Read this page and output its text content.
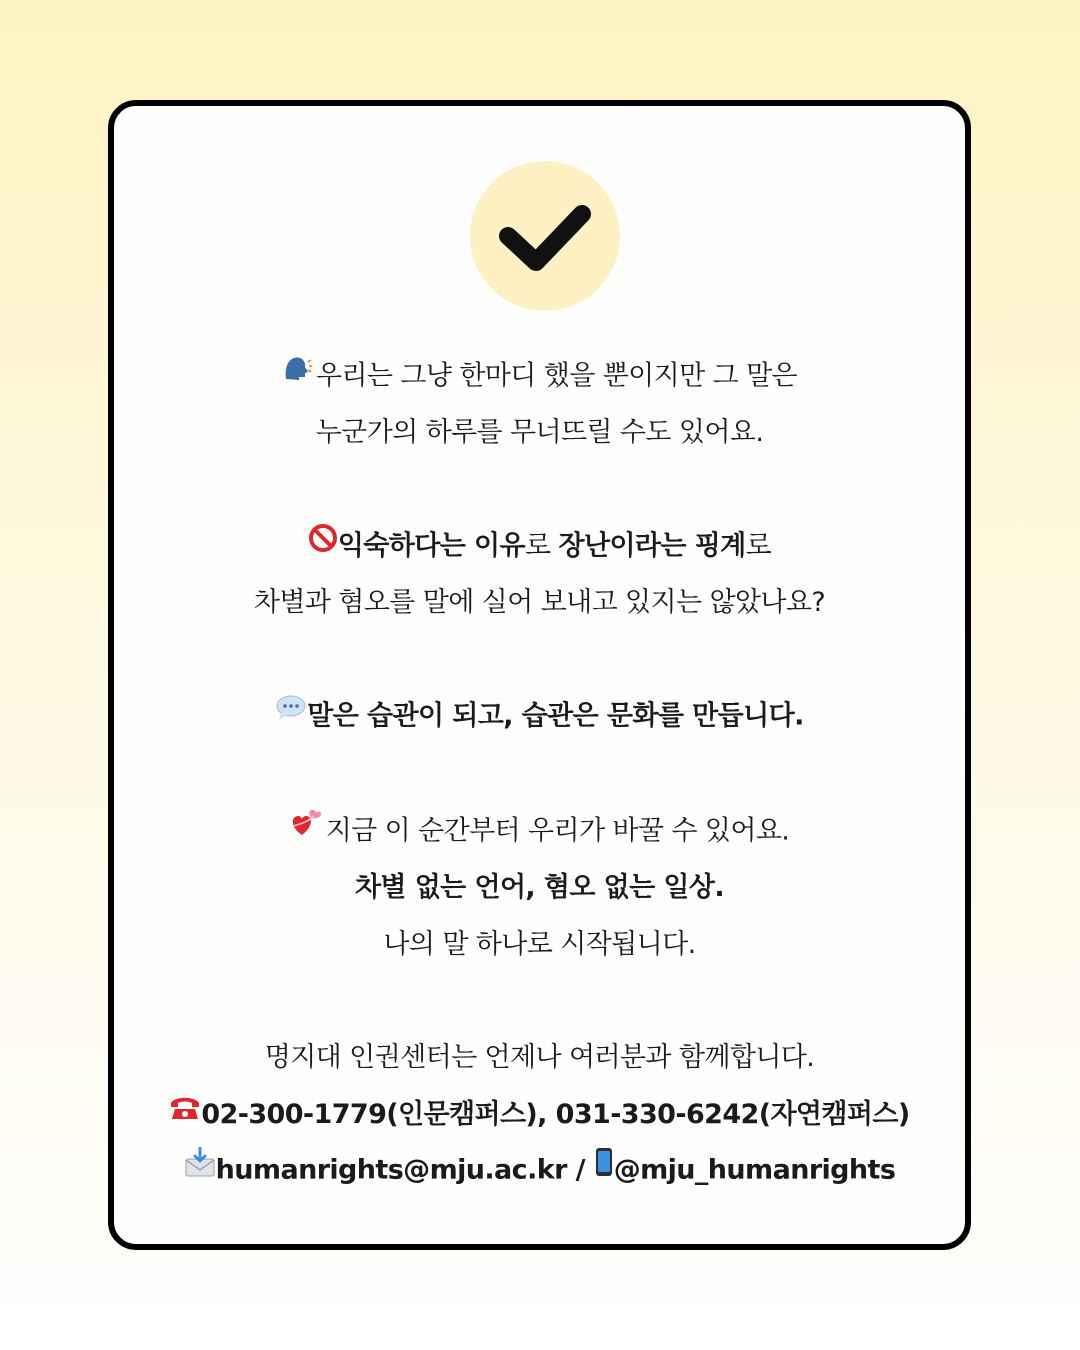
우리는 그냥 한마디 했을 뿐이지만 그 말은
누군가의 하루를 무너뜨릴 수도 있어요.
익숙하다는 이유로 장난이라는 핑계로
차별과 혐오를 말에 실어 보내고 있지는 않았나요?
말은 습관이 되고, 습관은 문화를 만듭니다.
지금 이 순간부터 우리가 바꿀 수 있어요.
차별 없는 언어, 혐오 없는 일상.
나의 말 하나로 시작됩니다.
명지대 인권센터는 언제나 여러분과 함께합니다.
02-300-1779(인문캠퍼스), 031-330-6242(자연캠퍼스)
humanrights@mju.ac.kr / @mju_humanrights
